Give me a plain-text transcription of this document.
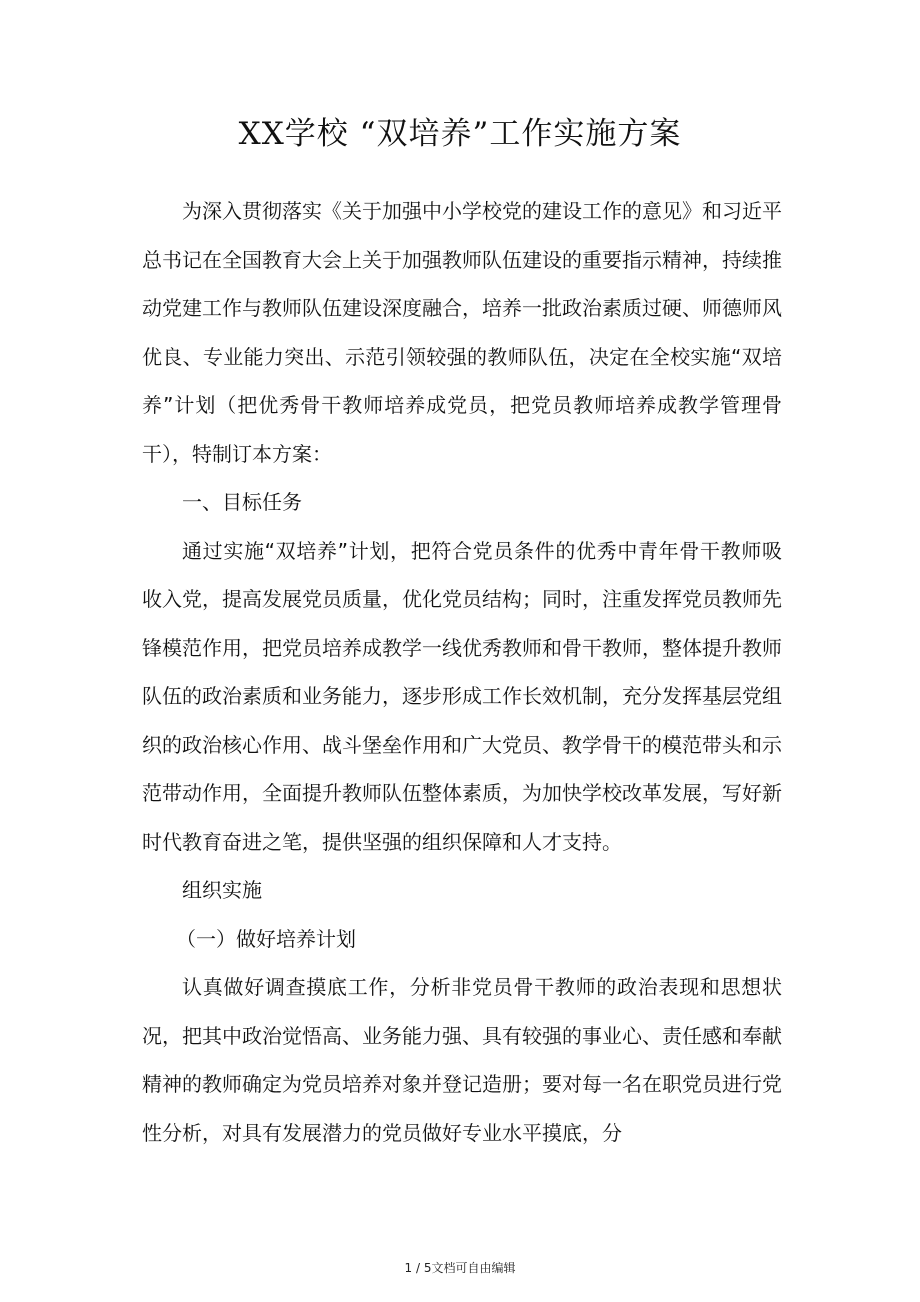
XX学校 “双培养”工作实施方案

为深入贯彻落实《关于加强中小学校党的建设工作的意见》和习近平总书记在全国教育大会上关于加强教师队伍建设的重要指示精神，持续推动党建工作与教师队伍建设深度融合，培养一批政治素质过硬、师德师风优良、专业能力突出、示范引领较强的教师队伍，决定在全校实施“双培养”计划（把优秀骨干教师培养成党员，把党员教师培养成教学管理骨干），特制订本方案：

一、目标任务

通过实施“双培养”计划，把符合党员条件的优秀中青年骨干教师吸收入党，提高发展党员质量，优化党员结构；同时，注重发挥党员教师先锋模范作用，把党员培养成教学一线优秀教师和骨干教师，整体提升教师队伍的政治素质和业务能力，逐步形成工作长效机制，充分发挥基层党组织的政治核心作用、战斗堡垒作用和广大党员、教学骨干的模范带头和示范带动作用，全面提升教师队伍整体素质，为加快学校改革发展，写好新时代教育奋进之笔，提供坚强的组织保障和人才支持。

组织实施

（一）做好培养计划

认真做好调查摸底工作，分析非党员骨干教师的政治表现和思想状况，把其中政治觉悟高、业务能力强、具有较强的事业心、责任感和奉献精神的教师确定为党员培养对象并登记造册；要对每一名在职党员进行党性分析，对具有发展潜力的党员做好专业水平摸底，分

1 / 5文档可自由编辑
